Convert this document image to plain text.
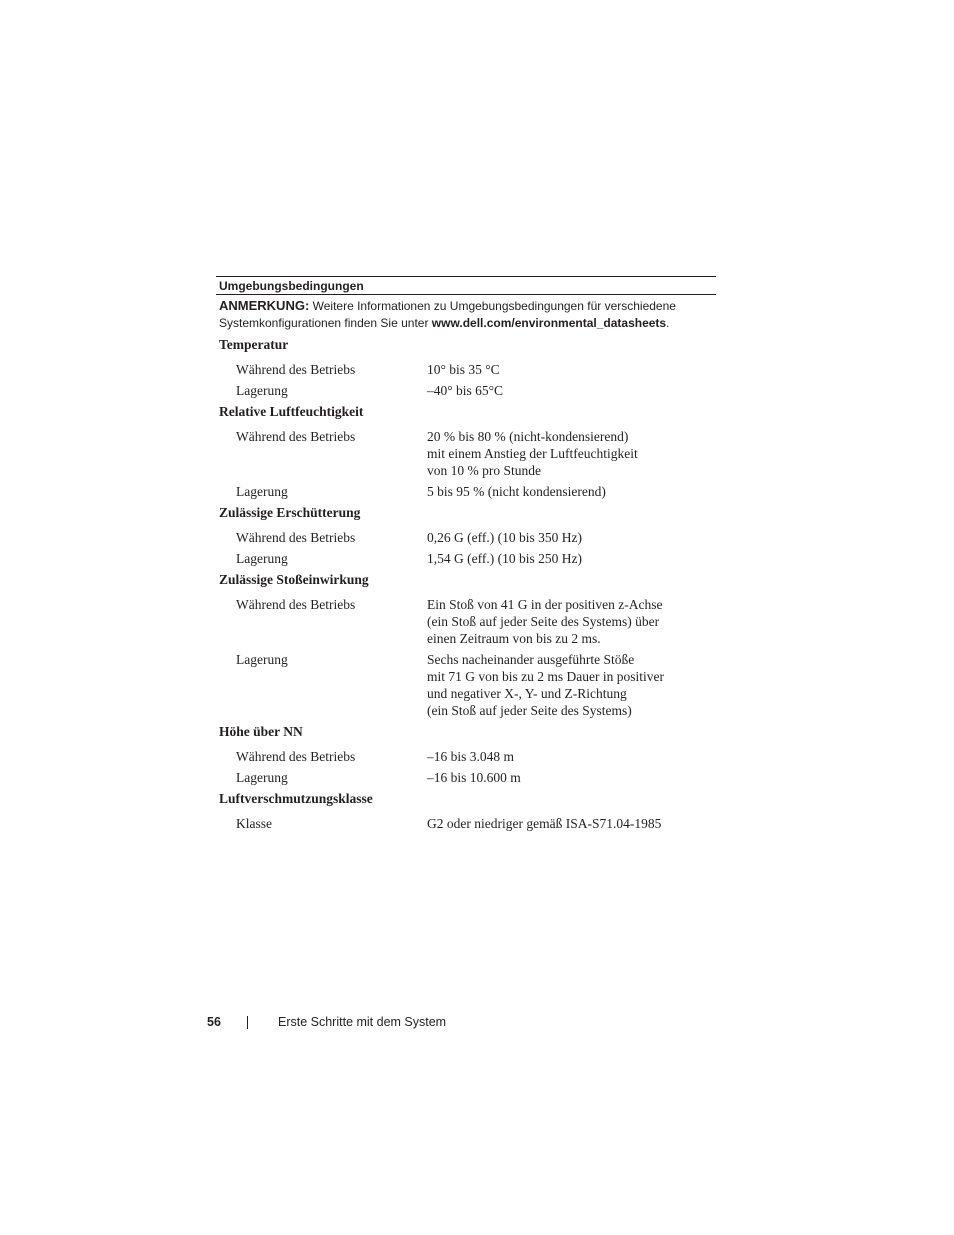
Umgebungsbedingungen
ANMERKUNG: Weitere Informationen zu Umgebungsbedingungen für verschiedene
Systemkonfigurationen finden Sie unter www.dell.com/environmental_datasheets.
Temperatur
Während des Betriebs	10° bis 35 °C
Lagerung	–40° bis 65°C
Relative Luftfeuchtigkeit
Während des Betriebs	20 % bis 80 % (nicht-kondensierend)
mit einem Anstieg der Luftfeuchtigkeit
von 10 % pro Stunde
Lagerung	5 bis 95 % (nicht kondensierend)
Zulässige Erschütterung
Während des Betriebs	0,26 G (eff.) (10 bis 350 Hz)
Lagerung	1,54 G (eff.) (10 bis 250 Hz)
Zulässige Stoßeinwirkung
Während des Betriebs	Ein Stoß von 41 G in der positiven z-Achse
(ein Stoß auf jeder Seite des Systems) über
einen Zeitraum von bis zu 2 ms.
Lagerung	Sechs nacheinander ausgeführte Stöße
mit 71 G von bis zu 2 ms Dauer in positiver
und negativer X-, Y- und Z-Richtung
(ein Stoß auf jeder Seite des Systems)
Höhe über NN
Während des Betriebs	–16 bis 3.048 m
Lagerung	–16 bis 10.600 m
Luftverschmutzungsklasse
Klasse	G2 oder niedriger gemäß ISA-S71.04-1985
56	Erste Schritte mit dem System
